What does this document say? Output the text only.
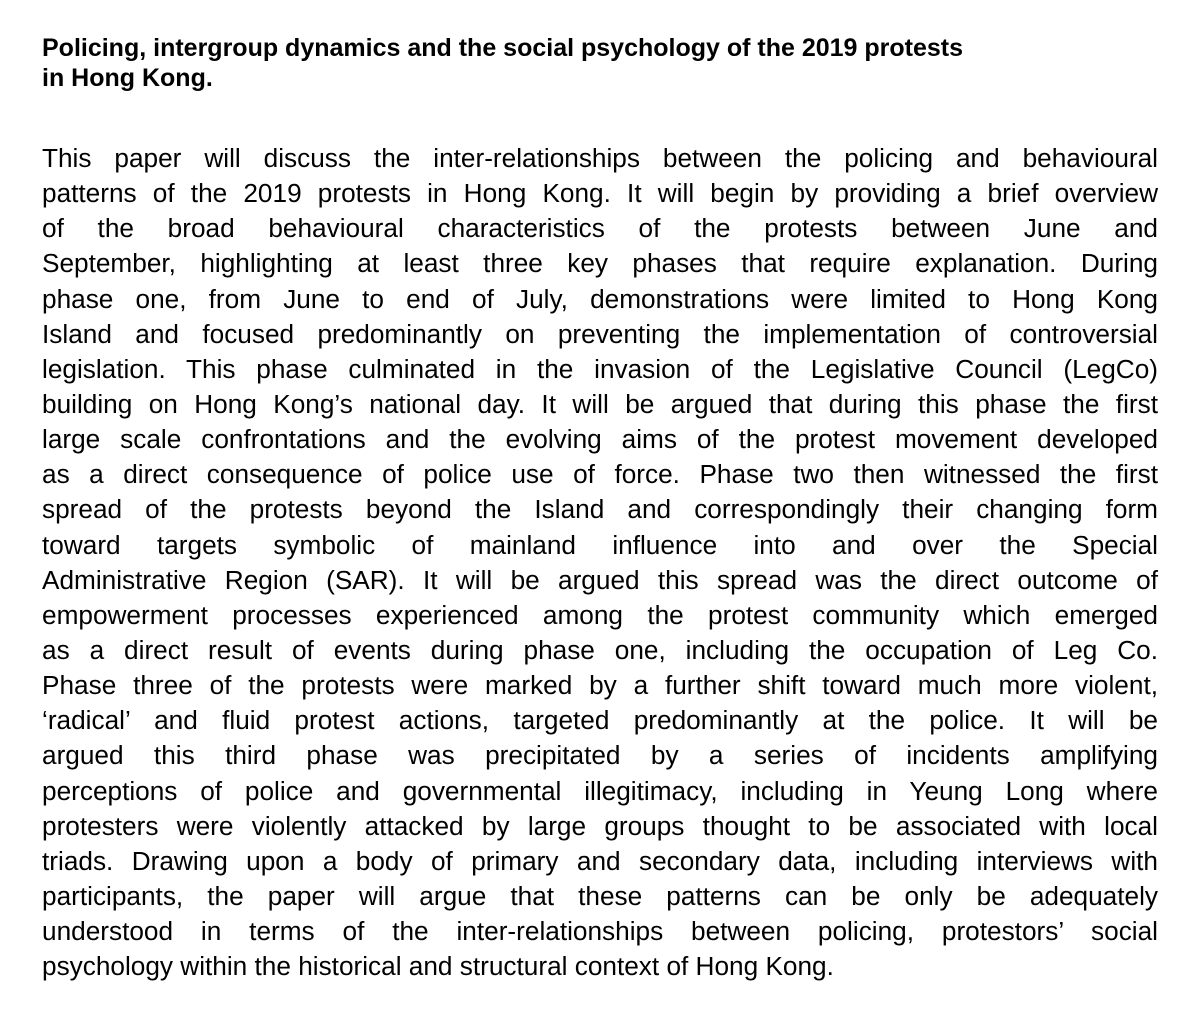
Policing, intergroup dynamics and the social psychology of the 2019 protests
in Hong Kong.
This paper will discuss the inter-relationships between the policing and behavioural
patterns of the 2019 protests in Hong Kong. It will begin by providing a brief overview
of the broad behavioural characteristics of the protests between June and
September, highlighting at least three key phases that require explanation. During
phase one, from June to end of July, demonstrations were limited to Hong Kong
Island and focused predominantly on preventing the implementation of controversial
legislation. This phase culminated in the invasion of the Legislative Council (LegCo)
building on Hong Kong’s national day. It will be argued that during this phase the first
large scale confrontations and the evolving aims of the protest movement developed
as a direct consequence of police use of force. Phase two then witnessed the first
spread of the protests beyond the Island and correspondingly their changing form
toward targets symbolic of mainland influence into and over the Special
Administrative Region (SAR). It will be argued this spread was the direct outcome of
empowerment processes experienced among the protest community which emerged
as a direct result of events during phase one, including the occupation of Leg Co.
Phase three of the protests were marked by a further shift toward much more violent,
‘radical’ and fluid protest actions, targeted predominantly at the police. It will be
argued this third phase was precipitated by a series of incidents amplifying
perceptions of police and governmental illegitimacy, including in Yeung Long where
protesters were violently attacked by large groups thought to be associated with local
triads. Drawing upon a body of primary and secondary data, including interviews with
participants, the paper will argue that these patterns can be only be adequately
understood in terms of the inter-relationships between policing, protestors’ social
psychology within the historical and structural context of Hong Kong.
